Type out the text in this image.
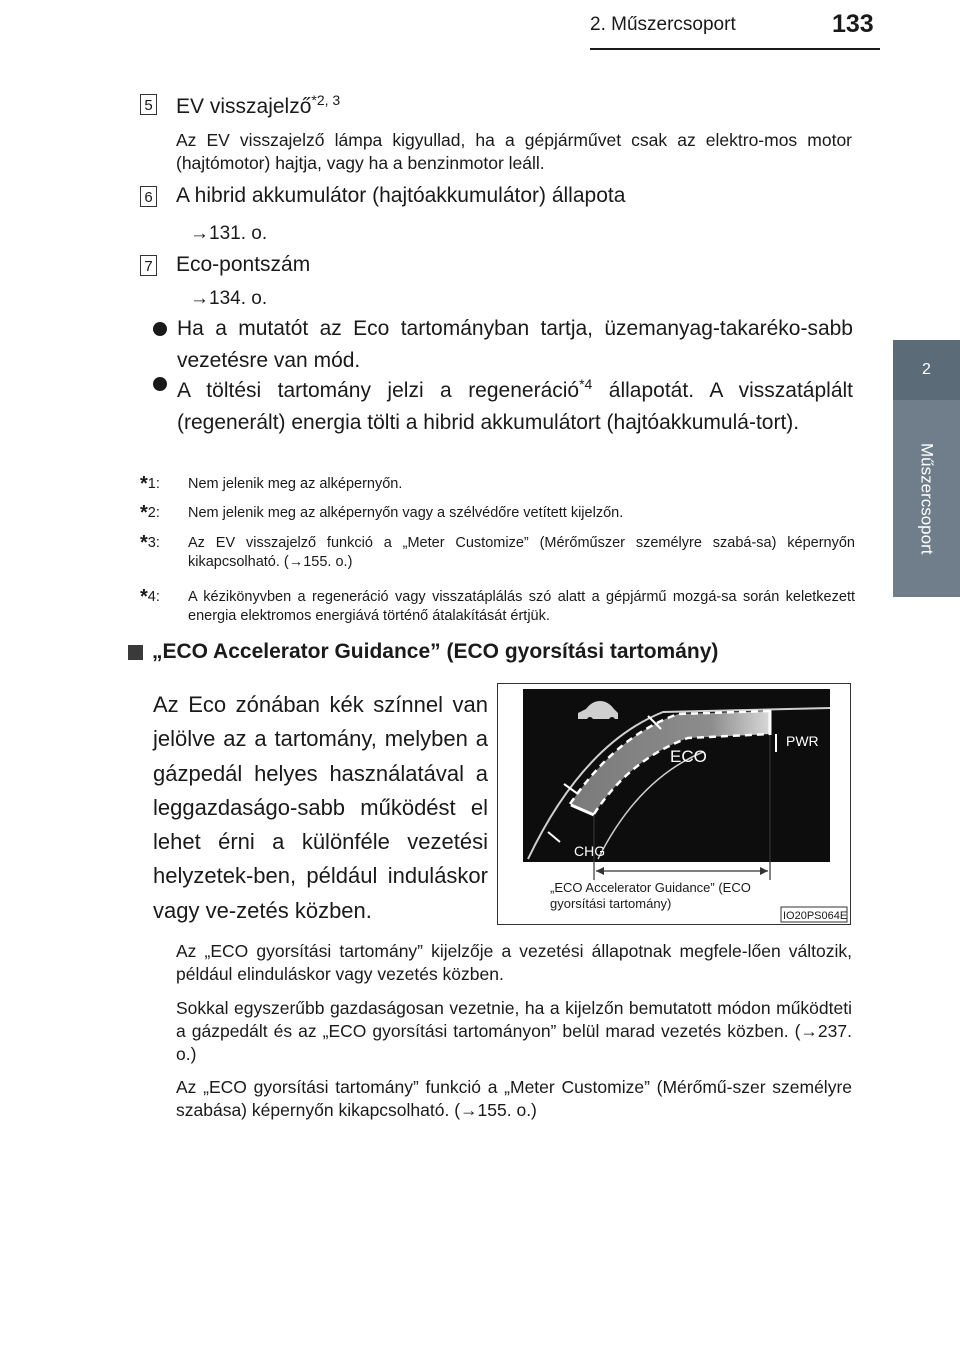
2. Műszercsoport	133
2
Műszercsoport
5 EV visszajelző$^{*2, 3}$
Az EV visszajelző lámpa kigyullad, ha a gépjárművet csak az elektro-mos motor (hajtómotor) hajtja, vagy ha a benzinmotor leáll.
6 A hibrid akkumulátor (hajtóakkumulátor) állapota
→131. o.
7 Eco-pontszám
→134. o.
Ha a mutatót az Eco tartományban tartja, üzemanyag-takaréko-sabb vezetésre van mód.
A töltési tartomány jelzi a regeneráció$^{*4}$ állapotát. A visszatáplált (regenerált) energia tölti a hibrid akkumulátort (hajtóakkumulá-tort).
*1: Nem jelenik meg az alképernyőn.
*2: Nem jelenik meg az alképernyőn vagy a szélvédőre vetített kijelzőn.
*3: Az EV visszajelző funkció a „Meter Customize” (Mérőműszer személyre szabá-sa) képernyőn kikapcsolható. (→155. o.)
*4: A kézikönyvben a regeneráció vagy visszatáplálás szó alatt a gépjármű mozgá-sa során keletkezett energia elektromos energiává történő átalakítását értjük.
„ECO Accelerator Guidance” (ECO gyorsítási tartomány)
Az Eco zónában kék színnel van jelölve az a tartomány, melyben a gázpedál helyes használatával a leggazdaságo-sabb működést el lehet érni a különféle vezetési helyzetek-ben, például induláskor vagy ve-zetés közben.
ECO
PWR
CHG
„ECO Accelerator Guidance” (ECO gyorsítási tartomány)
IO20PS064E
Az „ECO gyorsítási tartomány” kijelzője a vezetési állapotnak megfele-lően változik, például elinduláskor vagy vezetés közben.
Sokkal egyszerűbb gazdaságosan vezetnie, ha a kijelzőn bemutatott módon működteti a gázpedált és az „ECO gyorsítási tartományon” belül marad vezetés közben. (→237. o.)
Az „ECO gyorsítási tartomány” funkció a „Meter Customize” (Mérőmű-szer személyre szabása) képernyőn kikapcsolható. (→155. o.)
